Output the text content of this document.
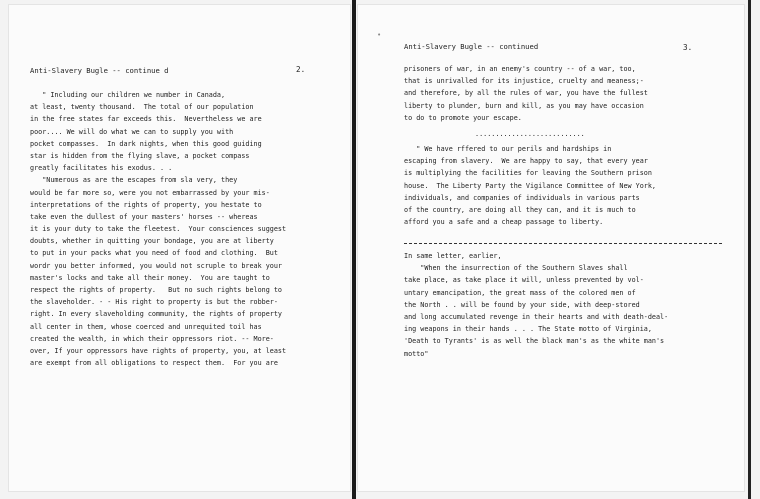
Anti-Slavery Bugle -- continue d	2.
" Including our children we number in Canada,
at least, twenty thousand.  The total of our population
in the free states far exceeds this.  Nevertheless we are
poor.... We will do what we can to supply you with
pocket compasses.  In dark nights, when this good guiding
star is hidden from the flying slave, a pocket compass
greatly facilitates his exodus. . .
"Numerous as are the escapes from sla very, they
would be far more so, were you not embarrassed by your mis-
interpretations of the rights of property, you hestate to
take even the dullest of your masters' horses -- whereas
it is your duty to take the fleetest.  Your consciences suggest
doubts, whether in quitting your bondage, you are at liberty
to put in your packs what you need of food and clothing.  But
wordr you better informed, you would not scruple to break your
master's locks and take all their money.  You are taught to
respect the rights of property.   But no such rights belong to
the slaveholder. - - His right to property is but the robber-
right. In every slaveholding community, the rights of property
all center in them, whose coerced and unrequited toil has
created the wealth, in which their oppressors riot. -- More-
over, If your oppressors have rights of property, you, at least
are exempt from all obligations to respect them.  For you are
Anti-Slavery Bugle -- continued	3.
•
prisoners of war, in an enemy's country -- of a war, too,
that is unrivalled for its injustice, cruelty and meaness;-
and therefore, by all the rules of war, you have the fullest
liberty to plunder, burn and kill, as you may have occasion
to do to promote your escape.
...........................
" We have rffered to our perils and hardships in
escaping from slavery.  We are happy to say, that every year
is multiplying the facilities for leaving the Southern prison
house.  The Liberty Party the Vigilance Committee of New York,
individuals, and companies of individuals in various parts
of the country, are doing all they can, and it is much to
afford you a safe and a cheap passage to liberty.
In same letter, earlier,
"When the insurrection of the Southern Slaves shall
take place, as take place it will, unless prevented by vol-
untary emancipation, the great mass of the colored men of
the North . . will be found by your side, with deep-stored
and long accumulated revenge in their hearts and with death-deal-
ing weapons in their hands . . . The State motto of Virginia,
'Death to Tyrants' is as well the black man's as the white man's
motto"
